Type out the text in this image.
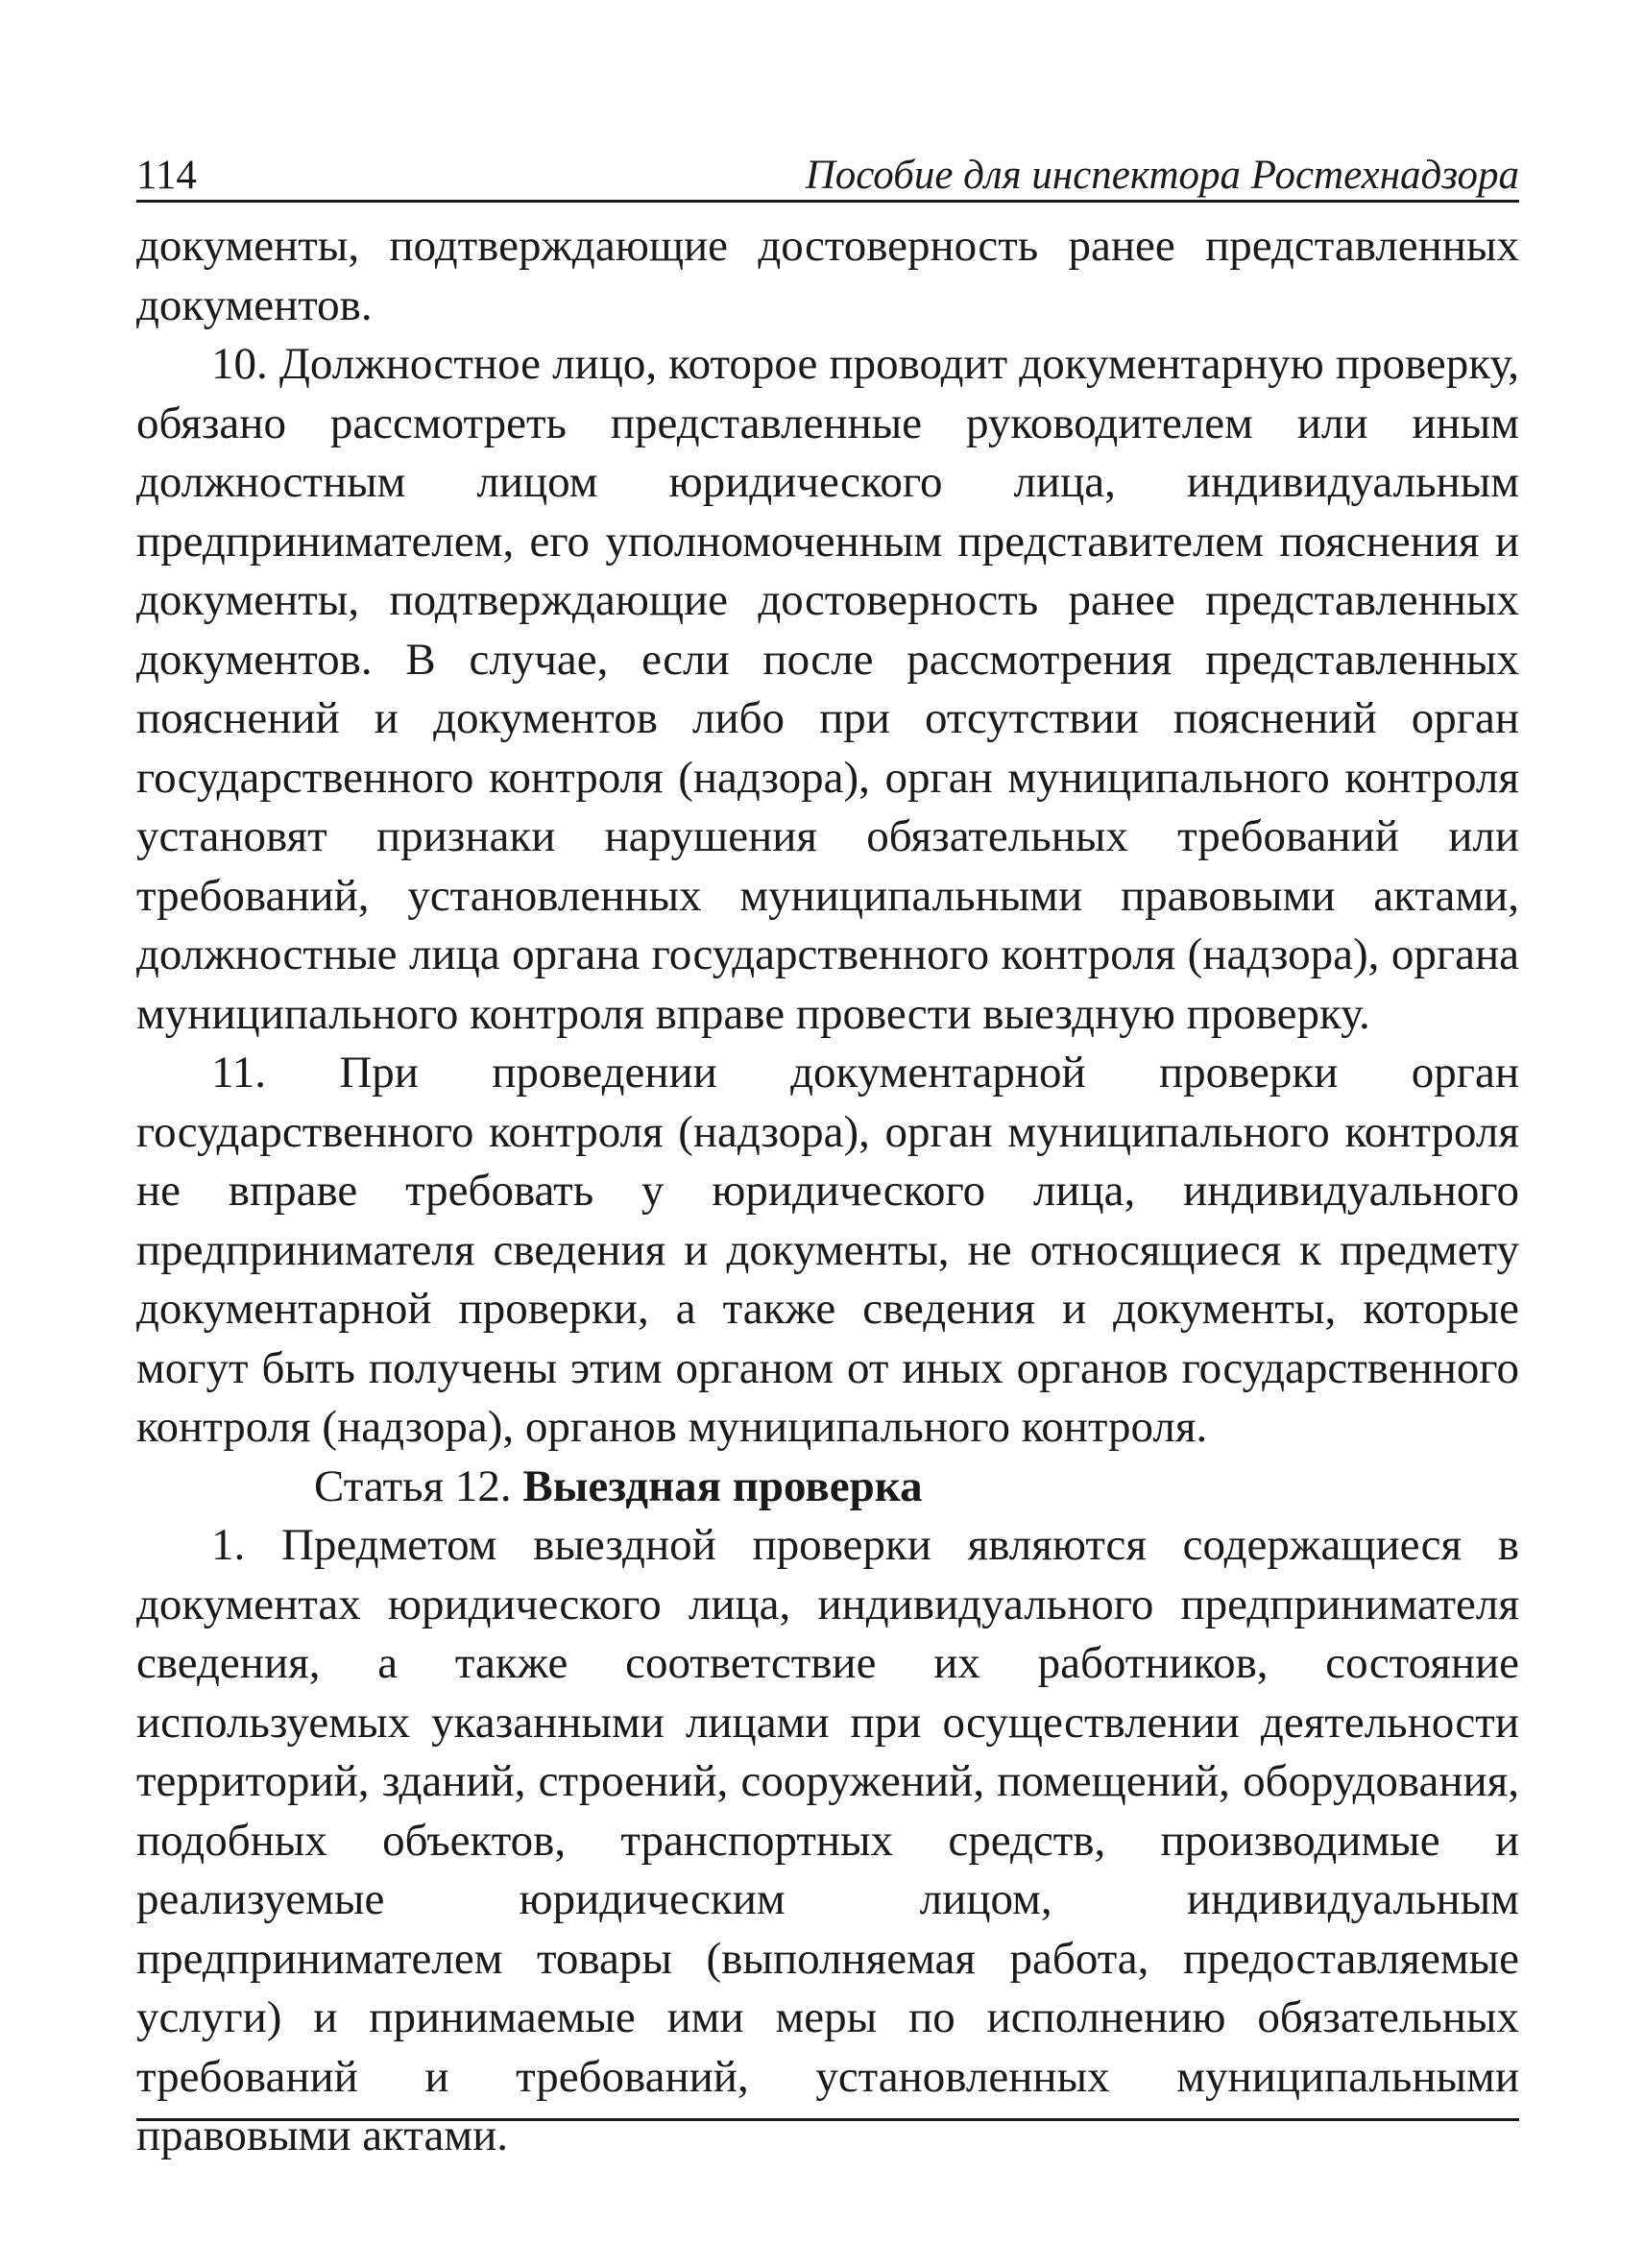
114	Пособие для инспектора Ростехнадзора

документы, подтверждающие достоверность ранее представленных документов.

10. Должностное лицо, которое проводит документарную проверку, обязано рассмотреть представленные руководителем или иным должностным лицом юридического лица, индивидуальным предпринимателем, его уполномоченным представителем пояснения и документы, подтверждающие достоверность ранее представленных документов. В случае, если после рассмотрения представленных пояснений и документов либо при отсутствии пояснений орган государственного контроля (надзора), орган муниципального контроля установят признаки нарушения обязательных требований или требований, установленных муниципальными правовыми актами, должностные лица органа государственного контроля (надзора), органа муниципального контроля вправе провести выездную проверку.

11. При проведении документарной проверки орган государственного контроля (надзора), орган муниципального контроля не вправе требовать у юридического лица, индивидуального предпринимателя сведения и документы, не относящиеся к предмету документарной проверки, а также сведения и документы, которые могут быть получены этим органом от иных органов государственного контроля (надзора), органов муниципального контроля.

Статья 12. Выездная проверка

1. Предметом выездной проверки являются содержащиеся в документах юридического лица, индивидуального предпринимателя сведения, а также соответствие их работников, состояние используемых указанными лицами при осуществлении деятельности территорий, зданий, строений, сооружений, помещений, оборудования, подобных объектов, транспортных средств, производимые и реализуемые юридическим лицом, индивидуальным предпринимателем товары (выполняемая работа, предоставляемые услуги) и принимаемые ими меры по исполнению обязательных требований и требований, установленных муниципальными правовыми актами.
